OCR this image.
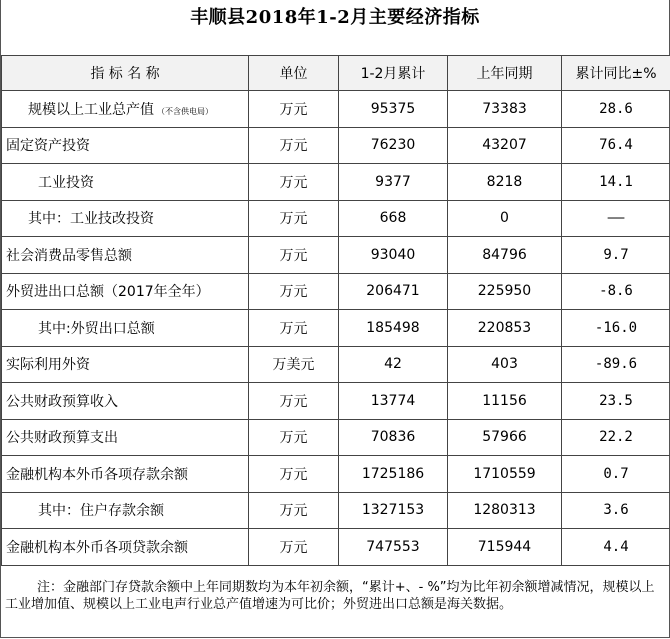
丰顺县2018年1-2月主要经济指标
指 标 名 称	单位	1-2月累计	上年同期	累计同比±%
规模以上工业总产值 （不含供电局）	万元	95375	73383	28.6
固定资产投资	万元	76230	43207	76.4
工业投资	万元	9377	8218	14.1
其中：工业技改投资	万元	668	0	——
社会消费品零售总额	万元	93040	84796	9.7
外贸进出口总额（2017年全年）	万元	206471	225950	-8.6
其中:外贸出口总额	万元	185498	220853	-16.0
实际利用外资	万美元	42	403	-89.6
公共财政预算收入	万元	13774	11156	23.5
公共财政预算支出	万元	70836	57966	22.2
金融机构本外币各项存款余额	万元	1725186	1710559	0.7
其中：住户存款余额	万元	1327153	1280313	3.6
金融机构本外币各项贷款余额	万元	747553	715944	4.4
注：金融部门存贷款余额中上年同期数均为本年初余额，“累计+、- %”均为比年初余额增减情况，规模以上工业增加值、规模以上工业电声行业总产值增速为可比价；外贸进出口总额是海关数据。
